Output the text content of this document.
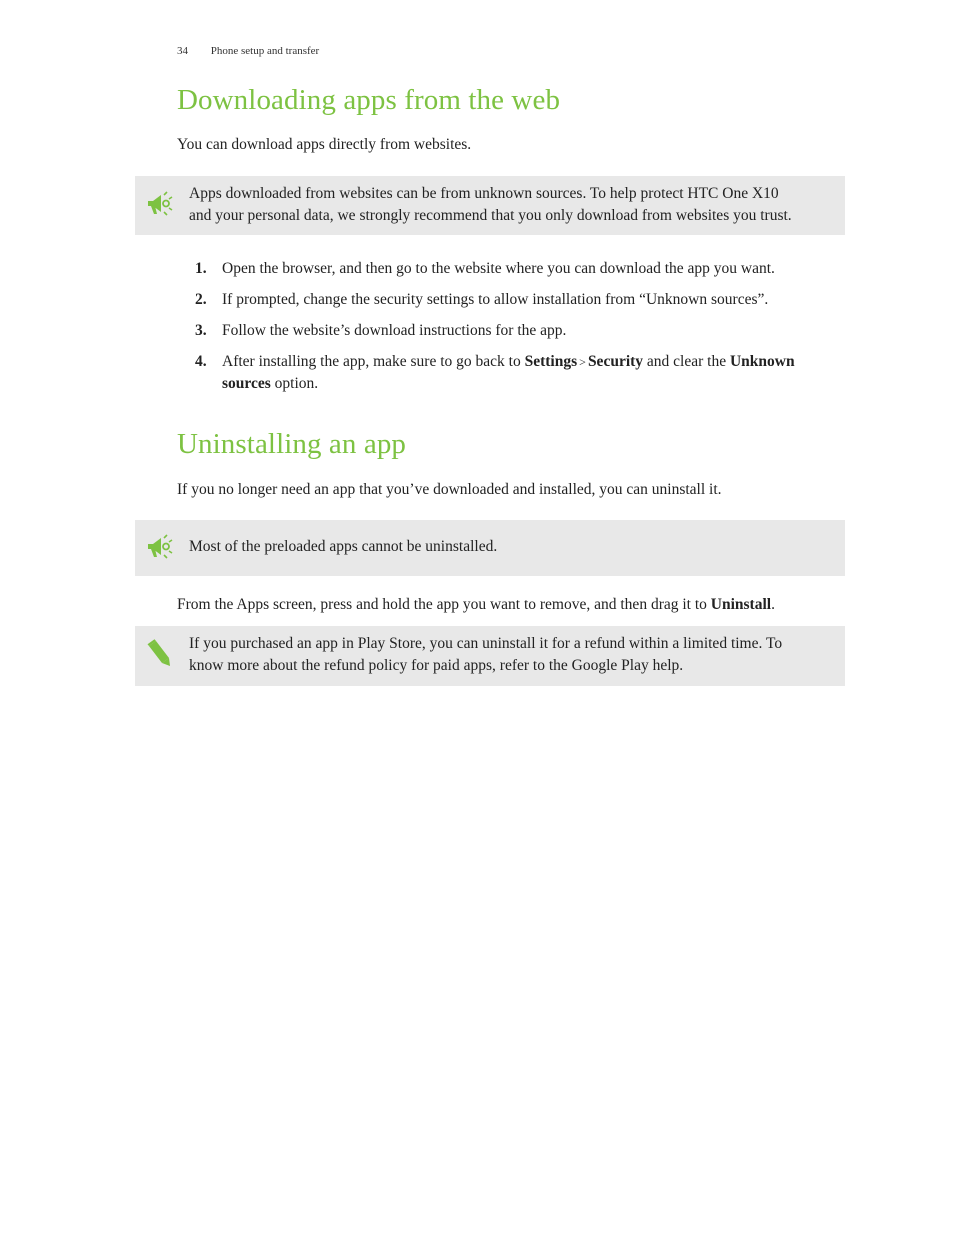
34 Phone setup and transfer
Downloading apps from the web

You can download apps directly from websites.

Apps downloaded from websites can be from unknown sources. To help protect HTC One X10
and your personal data, we strongly recommend that you only download from websites you trust.
1. Open the browser, and then go to the website where you can download the app you want.
2. If prompted, change the security settings to allow installation from “Unknown sources”.
3. Follow the website’s download instructions for the app.
4. After installing the app, make sure to go back to Settings > Security and clear the Unknown sources option.
Uninstalling an app

If you no longer need an app that you’ve downloaded and installed, you can uninstall it.

Most of the preloaded apps cannot be uninstalled.

From the Apps screen, press and hold the app you want to remove, and then drag it to Uninstall.

If you purchased an app in Play Store, you can uninstall it for a refund within a limited time. To
know more about the refund policy for paid apps, refer to the Google Play help.
